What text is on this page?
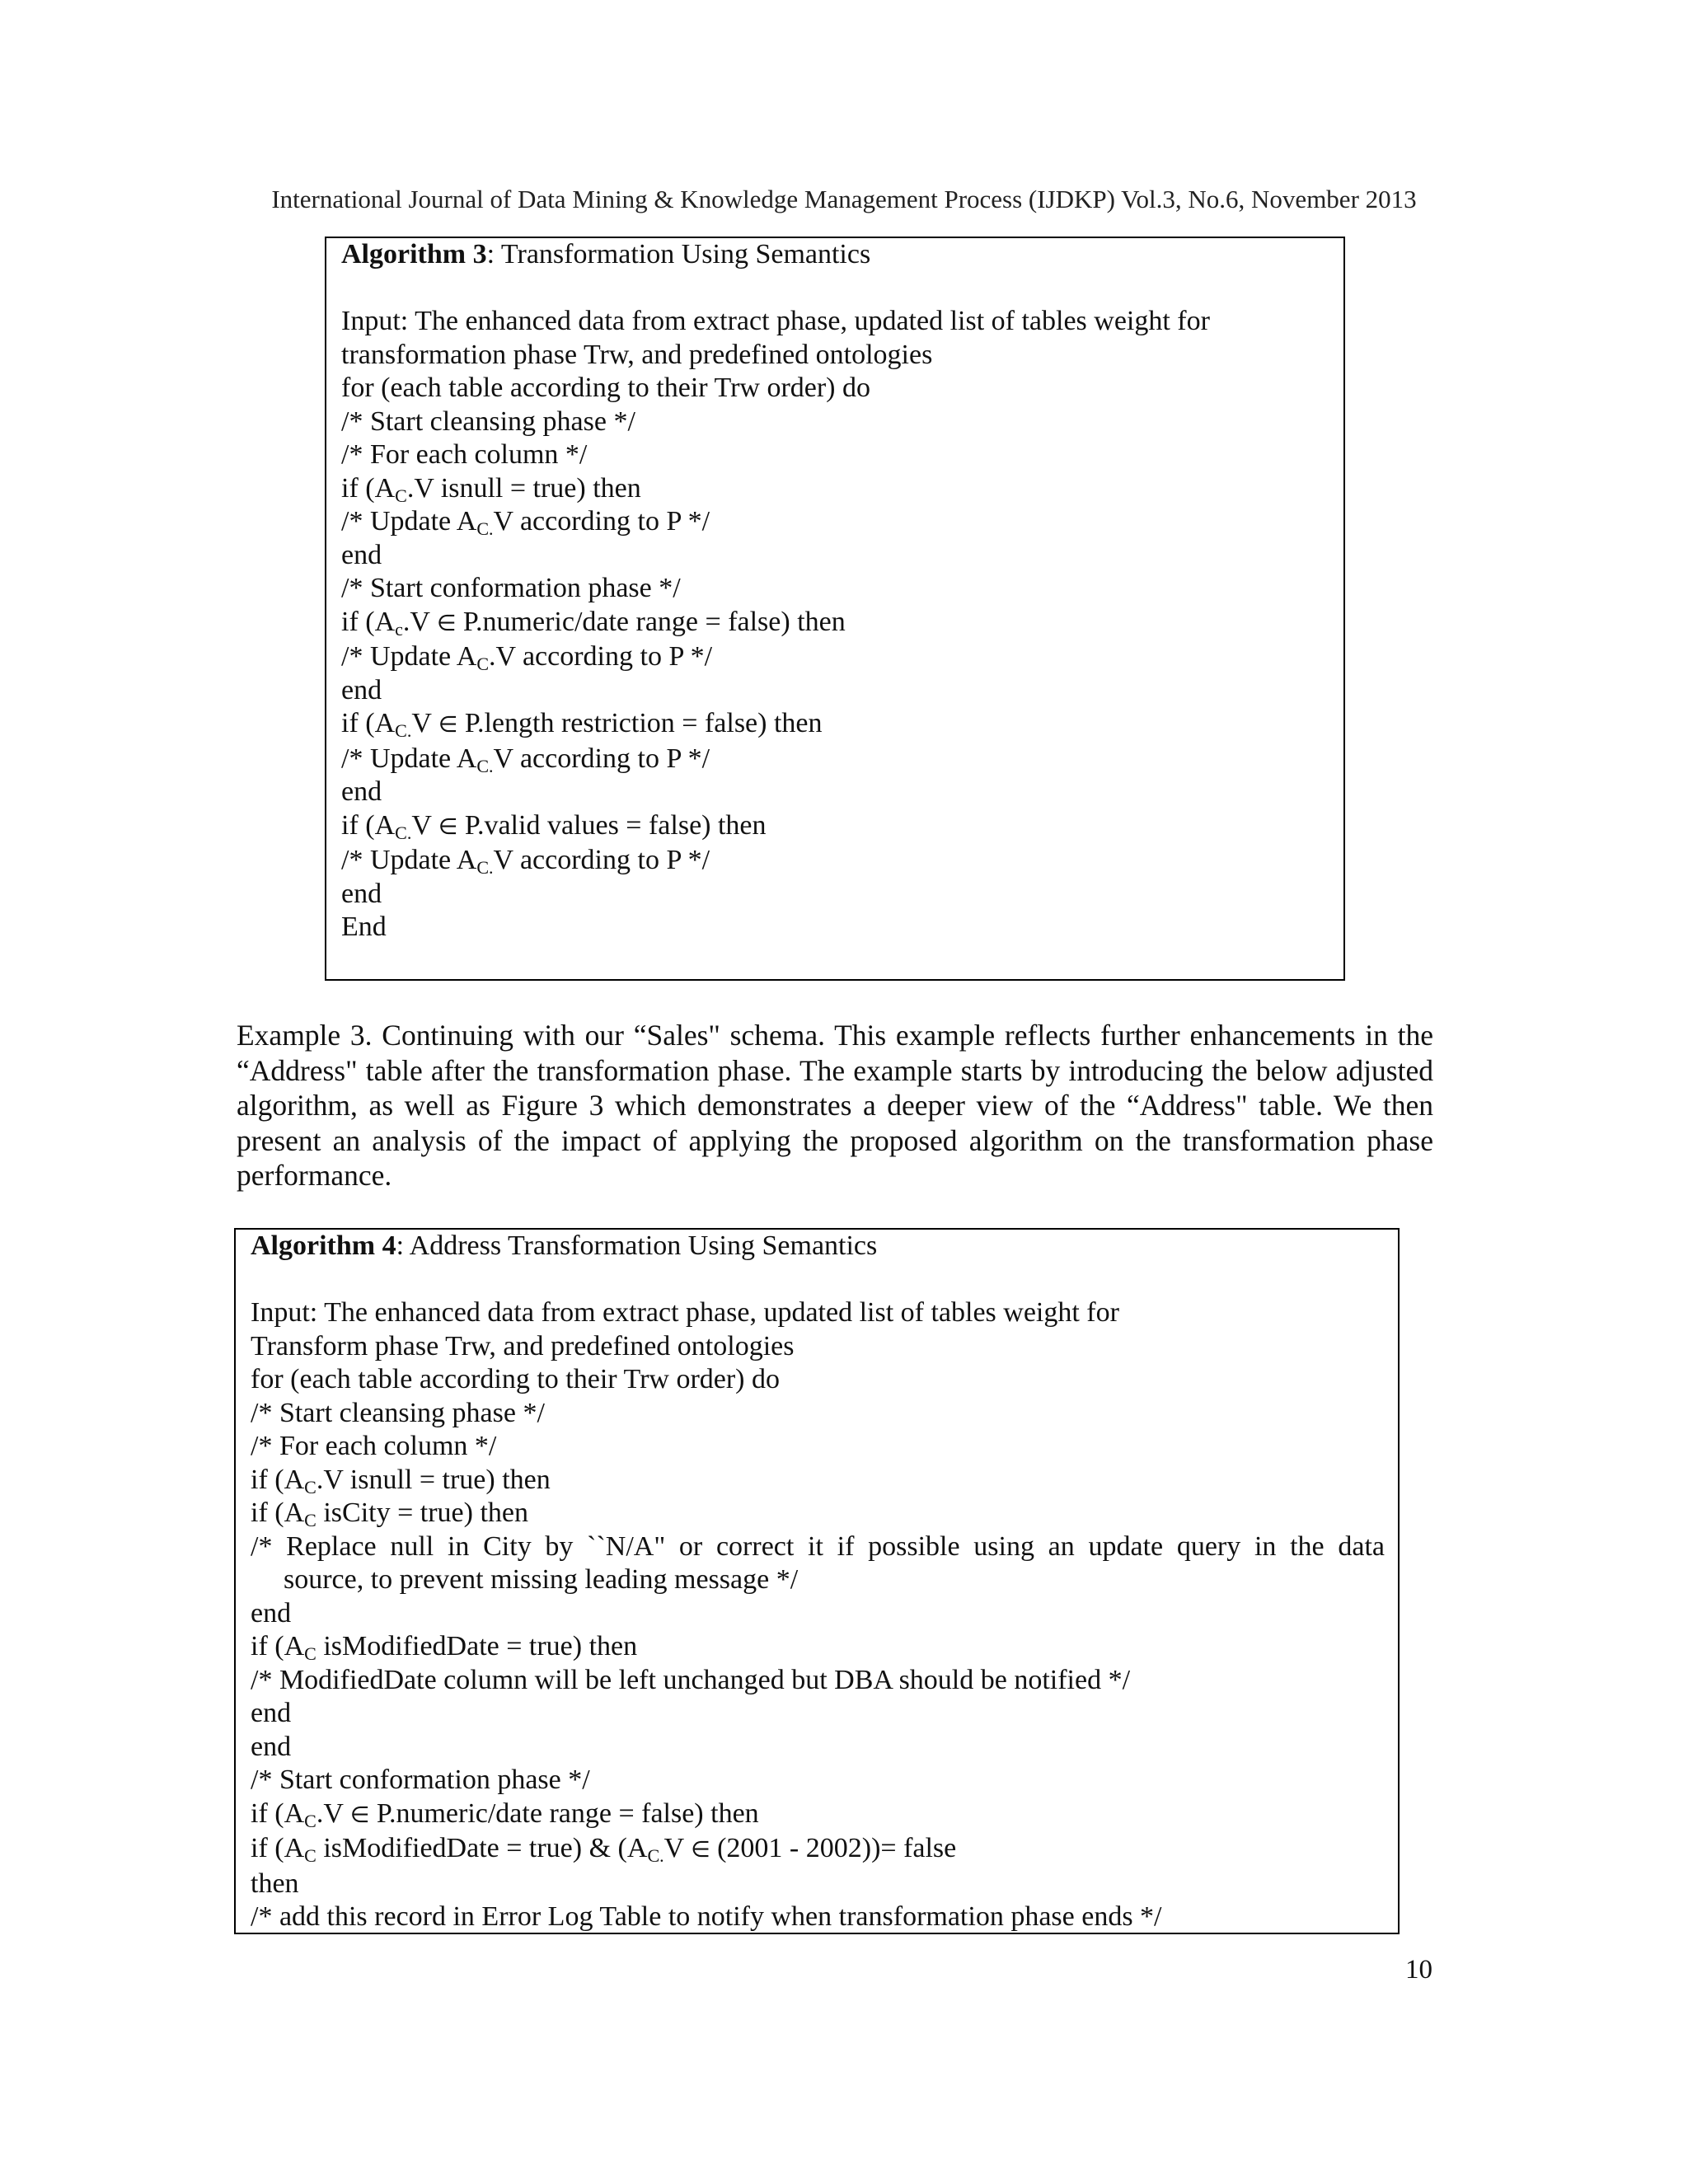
International Journal of Data Mining & Knowledge Management Process (IJDKP) Vol.3, No.6, November 2013
Algorithm 3: Transformation Using Semantics
Input: The enhanced data from extract phase, updated list of tables weight for
transformation phase Trw, and predefined ontologies
for (each table according to their Trw order) do
/* Start cleansing phase */
/* For each column */
if ($A_C.V$ isnull = true) then
/* Update $A_{C.}V$ according to P */
end
/* Start conformation phase */
if ($A_c.V$ ∈ P.numeric/date range = false) then
/* Update $A_C.V$ according to P */
end
if ($A_{C.}V$ ∈ P.length restriction = false) then
/* Update $A_{C.}V$ according to P */
end
if ($A_{C.}V$ ∈ P.valid values = false) then
/* Update $A_{C.}V$ according to P */
end
End
Example 3. Continuing with our “Sales" schema. This example reflects further enhancements in the “Address" table after the transformation phase. The example starts by introducing the below adjusted algorithm, as well as Figure 3 which demonstrates a deeper view of the “Address" table. We then present an analysis of the impact of applying the proposed algorithm on the transformation phase performance.
Algorithm 4: Address Transformation Using Semantics
Input: The enhanced data from extract phase, updated list of tables weight for
Transform phase Trw, and predefined ontologies
for (each table according to their Trw order) do
/* Start cleansing phase */
/* For each column */
if ($A_C.V$ isnull = true) then
if ($A_C$ isCity = true) then
/* Replace null in City by ``N/A" or correct it if possible using an update query in the data
source, to prevent missing leading message */
end
if ($A_C$ isModifiedDate = true) then
/* ModifiedDate column will be left unchanged but DBA should be notified */
end
end
/* Start conformation phase */
if ($A_C.V$ ∈ P.numeric/date range = false) then
if ($A_C$ isModifiedDate = true) & ($A_{C.}V$ ∈ (2001 - 2002))= false
then
/* add this record in Error Log Table to notify when transformation phase ends */
10
